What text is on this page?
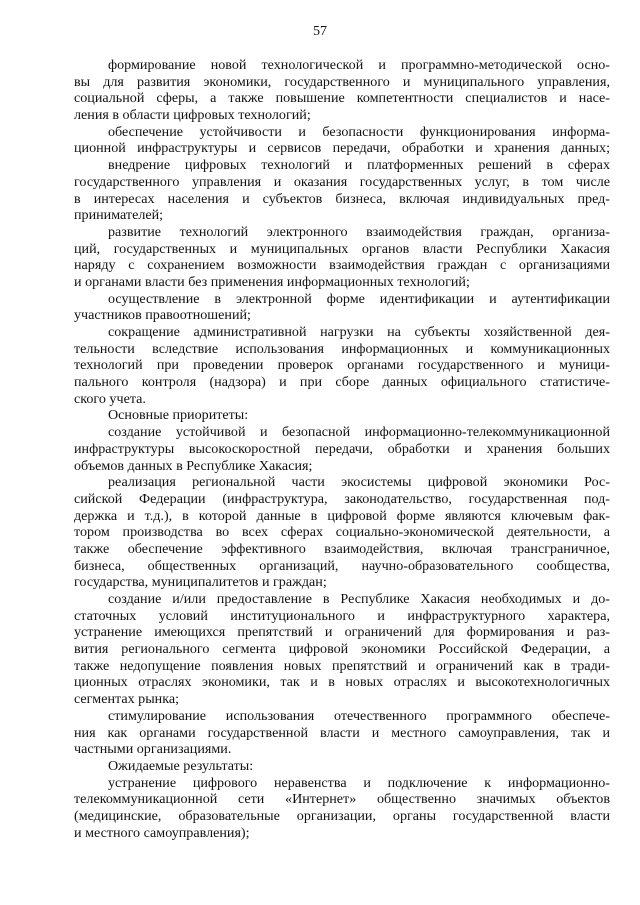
57
формирование новой технологической и программно-методической осно-
вы для развития экономики, государственного и муниципального управления,
социальной сферы, а также повышение компетентности специалистов и насе-
ления в области цифровых технологий;
обеспечение устойчивости и безопасности функционирования информа-
ционной инфраструктуры и сервисов передачи, обработки и хранения данных;
внедрение цифровых технологий и платформенных решений в сферах
государственного управления и оказания государственных услуг, в том числе
в интересах населения и субъектов бизнеса, включая индивидуальных пред-
принимателей;
развитие технологий электронного взаимодействия граждан, организа-
ций, государственных и муниципальных органов власти Республики Хакасия
наряду с сохранением возможности взаимодействия граждан с организациями
и органами власти без применения информационных технологий;
осуществление в электронной форме идентификации и аутентификации
участников правоотношений;
сокращение административной нагрузки на субъекты хозяйственной дея-
тельности вследствие использования информационных и коммуникационных
технологий при проведении проверок органами государственного и муници-
пального контроля (надзора) и при сборе данных официального статистиче-
ского учета.
Основные приоритеты:
создание устойчивой и безопасной информационно-телекоммуникационной
инфраструктуры высокоскоростной передачи, обработки и хранения больших
объемов данных в Республике Хакасия;
реализация региональной части экосистемы цифровой экономики Рос-
сийской Федерации (инфраструктура, законодательство, государственная под-
держка и т.д.), в которой данные в цифровой форме являются ключевым фак-
тором производства во всех сферах социально-экономической деятельности, а
также обеспечение эффективного взаимодействия, включая трансграничное,
бизнеса, общественных организаций, научно-образовательного сообщества,
государства, муниципалитетов и граждан;
создание и/или предоставление в Республике Хакасия необходимых и до-
статочных условий институционального и инфраструктурного характера,
устранение имеющихся препятствий и ограничений для формирования и раз-
вития регионального сегмента цифровой экономики Российской Федерации, а
также недопущение появления новых препятствий и ограничений как в тради-
ционных отраслях экономики, так и в новых отраслях и высокотехнологичных
сегментах рынка;
стимулирование использования отечественного программного обеспече-
ния как органами государственной власти и местного самоуправления, так и
частными организациями.
Ожидаемые результаты:
устранение цифрового неравенства и подключение к информационно-
телекоммуникационной сети «Интернет» общественно значимых объектов
(медицинские, образовательные организации, органы государственной власти
и местного самоуправления);
